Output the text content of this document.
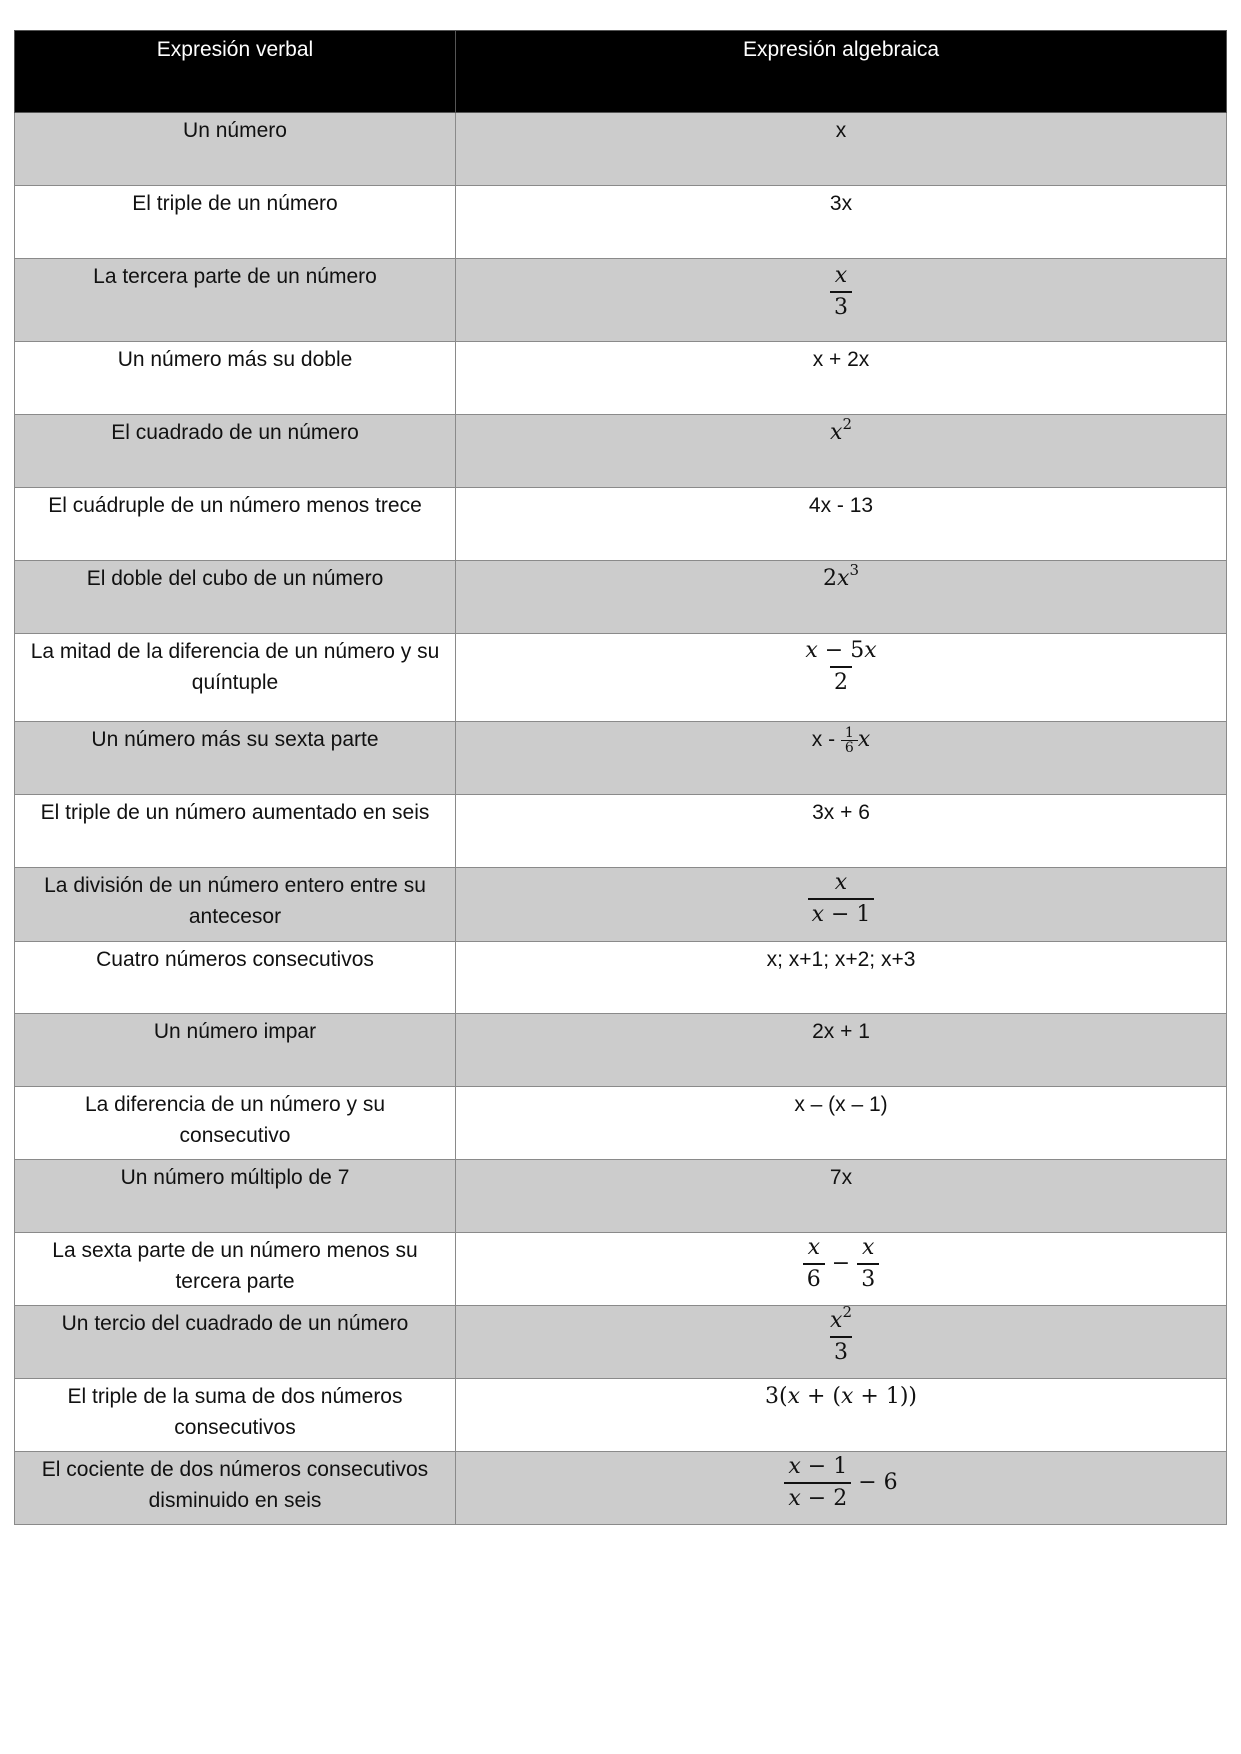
Expresión verbal	Expresión algebraica
Un número	x
El triple de un número	3x
La tercera parte de un número	$\frac{x}{3}$

Un número más su doble	x + 2x
El cuadrado de un número	$x^2$
El cuádruple de un número menos trece	4x - 13
El doble del cubo de un número	$2x^3$
La mitad de la diferencia de un número y su quíntuple	$\frac{x - 5x}{2}$

Un número más su sexta parte	x - $\frac{1}{6}$ x
El triple de un número aumentado en seis	3x + 6
La división de un número entero entre su antecesor	$\frac{x}{x - 1}$

Cuatro números consecutivos	x; x+1; x+2; x+3
Un número impar	2x + 1
La diferencia de un número y su consecutivo	x – (x – 1)
Un número múltiplo de 7	7x
La sexta parte de un número menos su tercera parte	$\frac{x}{6} - \frac{x}{3}$

Un tercio del cuadrado de un número	$\frac{x^2}{3}$

El triple de la suma de dos números consecutivos	3(x + (x + 1))
El cociente de dos números consecutivos disminuido en seis	$\frac{x - 1}{x - 2} - 6$
